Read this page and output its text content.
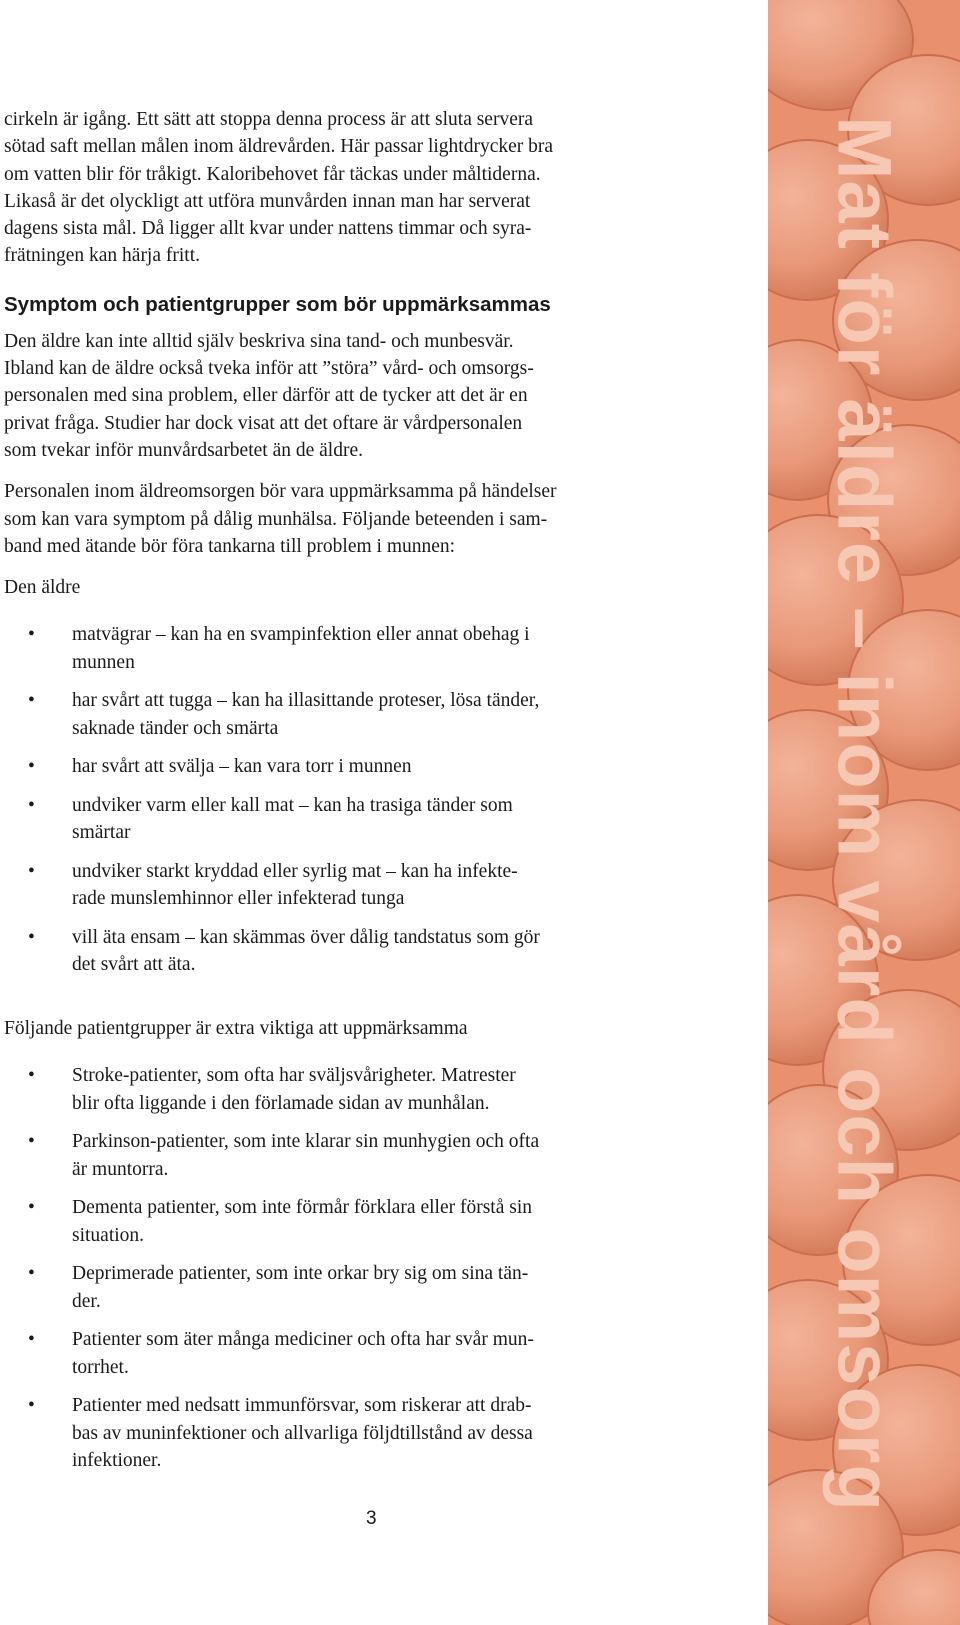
cirkeln är igång. Ett sätt att stoppa denna process är att sluta servera
sötad saft mellan målen inom äldrevården. Här passar lightdrycker bra
om vatten blir för tråkigt. Kaloribehovet får täckas under måltiderna.
Likaså är det olyckligt att utföra munvården innan man har serverat
dagens sista mål. Då ligger allt kvar under nattens timmar och syra-
frätningen kan härja fritt.

Symptom och patientgrupper som bör uppmärksammas

Den äldre kan inte alltid själv beskriva sina tand- och munbesvär.
Ibland kan de äldre också tveka inför att ”störa” vård- och omsorgs-
personalen med sina problem, eller därför att de tycker att det är en
privat fråga. Studier har dock visat att det oftare är vårdpersonalen
som tvekar inför munvårdsarbetet än de äldre.

Personalen inom äldreomsorgen bör vara uppmärksamma på händelser
som kan vara symptom på dålig munhälsa. Följande beteenden i sam-
band med ätande bör föra tankarna till problem i munnen:

Den äldre

• matvägrar – kan ha en svampinfektion eller annat obehag i
munnen
• har svårt att tugga – kan ha illasittande proteser, lösa tänder,
saknade tänder och smärta
• har svårt att svälja – kan vara torr i munnen
• undviker varm eller kall mat – kan ha trasiga tänder som
smärtar
• undviker starkt kryddad eller syrlig mat – kan ha infekte-
rade munslemhinnor eller infekterad tunga
• vill äta ensam – kan skämmas över dålig tandstatus som gör
det svårt att äta.

Följande patientgrupper är extra viktiga att uppmärksamma

• Stroke-patienter, som ofta har sväljsvårigheter. Matrester
blir ofta liggande i den förlamade sidan av munhålan.
• Parkinson-patienter, som inte klarar sin munhygien och ofta
är muntorra.
• Dementa patienter, som inte förmår förklara eller förstå sin
situation.
• Deprimerade patienter, som inte orkar bry sig om sina tän-
der.
• Patienter som äter många mediciner och ofta har svår mun-
torrhet.
• Patienter med nedsatt immunförsvar, som riskerar att drab-
bas av muninfektioner och allvarliga följdtillstånd av dessa
infektioner.
3
Mat för äldre – inom vård och omsorg
